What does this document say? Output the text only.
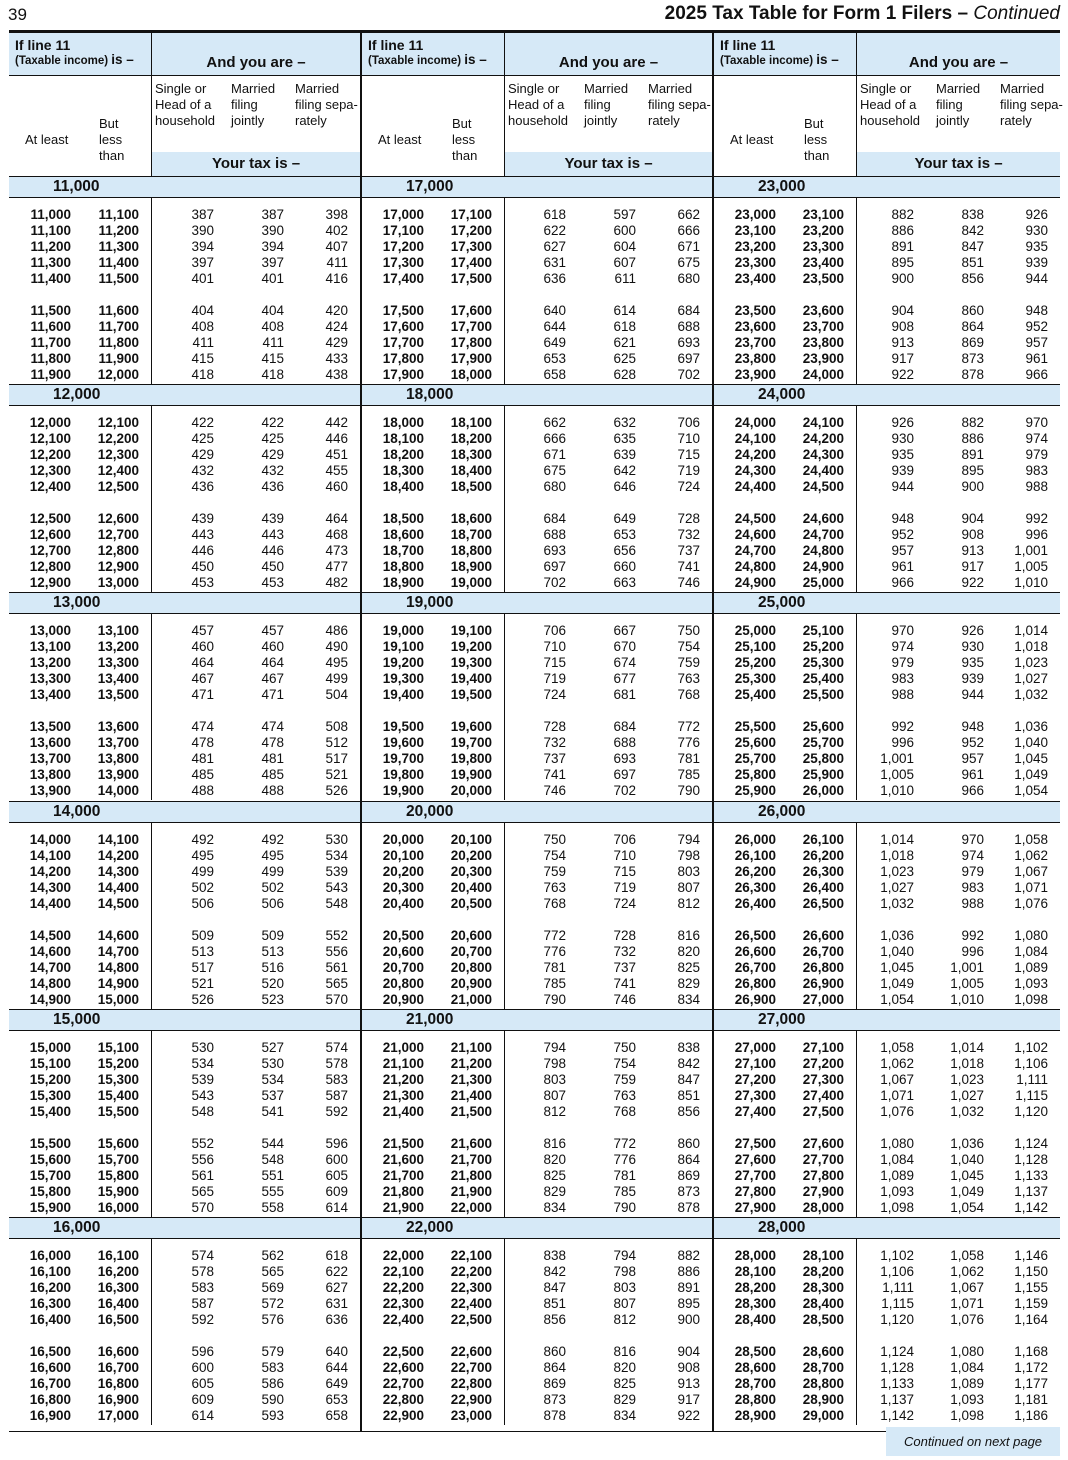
39	2025 Tax Table for Form 1 Filers – Continued
If line 11
(Taxable income) is –	And you are –
At least
But less than
Single or Head of a household
Married filing jointly
Married filing sepa-rately
Your tax is –
11,000
11,000	11,100	387	387	398
11,100	11,200	390	390	402
11,200	11,300	394	394	407
11,300	11,400	397	397	411
11,400	11,500	401	401	416
11,500	11,600	404	404	420
11,600	11,700	408	408	424
11,700	11,800	411	411	429
11,800	11,900	415	415	433
11,900	12,000	418	418	438
12,000
12,000	12,100	422	422	442
12,100	12,200	425	425	446
12,200	12,300	429	429	451
12,300	12,400	432	432	455
12,400	12,500	436	436	460
12,500	12,600	439	439	464
12,600	12,700	443	443	468
12,700	12,800	446	446	473
12,800	12,900	450	450	477
12,900	13,000	453	453	482
13,000
13,000	13,100	457	457	486
13,100	13,200	460	460	490
13,200	13,300	464	464	495
13,300	13,400	467	467	499
13,400	13,500	471	471	504
13,500	13,600	474	474	508
13,600	13,700	478	478	512
13,700	13,800	481	481	517
13,800	13,900	485	485	521
13,900	14,000	488	488	526
14,000
14,000	14,100	492	492	530
14,100	14,200	495	495	534
14,200	14,300	499	499	539
14,300	14,400	502	502	543
14,400	14,500	506	506	548
14,500	14,600	509	509	552
14,600	14,700	513	513	556
14,700	14,800	517	516	561
14,800	14,900	521	520	565
14,900	15,000	526	523	570
15,000
15,000	15,100	530	527	574
15,100	15,200	534	530	578
15,200	15,300	539	534	583
15,300	15,400	543	537	587
15,400	15,500	548	541	592
15,500	15,600	552	544	596
15,600	15,700	556	548	600
15,700	15,800	561	551	605
15,800	15,900	565	555	609
15,900	16,000	570	558	614
16,000
16,000	16,100	574	562	618
16,100	16,200	578	565	622
16,200	16,300	583	569	627
16,300	16,400	587	572	631
16,400	16,500	592	576	636
16,500	16,600	596	579	640
16,600	16,700	600	583	644
16,700	16,800	605	586	649
16,800	16,900	609	590	653
16,900	17,000	614	593	658
If line 11
(Taxable income) is –	And you are –
At least
But less than
Single or Head of a household
Married filing jointly
Married filing sepa-rately
Your tax is –
17,000
17,000	17,100	618	597	662
17,100	17,200	622	600	666
17,200	17,300	627	604	671
17,300	17,400	631	607	675
17,400	17,500	636	611	680
17,500	17,600	640	614	684
17,600	17,700	644	618	688
17,700	17,800	649	621	693
17,800	17,900	653	625	697
17,900	18,000	658	628	702
18,000
18,000	18,100	662	632	706
18,100	18,200	666	635	710
18,200	18,300	671	639	715
18,300	18,400	675	642	719
18,400	18,500	680	646	724
18,500	18,600	684	649	728
18,600	18,700	688	653	732
18,700	18,800	693	656	737
18,800	18,900	697	660	741
18,900	19,000	702	663	746
19,000
19,000	19,100	706	667	750
19,100	19,200	710	670	754
19,200	19,300	715	674	759
19,300	19,400	719	677	763
19,400	19,500	724	681	768
19,500	19,600	728	684	772
19,600	19,700	732	688	776
19,700	19,800	737	693	781
19,800	19,900	741	697	785
19,900	20,000	746	702	790
20,000
20,000	20,100	750	706	794
20,100	20,200	754	710	798
20,200	20,300	759	715	803
20,300	20,400	763	719	807
20,400	20,500	768	724	812
20,500	20,600	772	728	816
20,600	20,700	776	732	820
20,700	20,800	781	737	825
20,800	20,900	785	741	829
20,900	21,000	790	746	834
21,000
21,000	21,100	794	750	838
21,100	21,200	798	754	842
21,200	21,300	803	759	847
21,300	21,400	807	763	851
21,400	21,500	812	768	856
21,500	21,600	816	772	860
21,600	21,700	820	776	864
21,700	21,800	825	781	869
21,800	21,900	829	785	873
21,900	22,000	834	790	878
22,000
22,000	22,100	838	794	882
22,100	22,200	842	798	886
22,200	22,300	847	803	891
22,300	22,400	851	807	895
22,400	22,500	856	812	900
22,500	22,600	860	816	904
22,600	22,700	864	820	908
22,700	22,800	869	825	913
22,800	22,900	873	829	917
22,900	23,000	878	834	922
If line 11
(Taxable income) is –	And you are –
At least
But less than
Single or Head of a household
Married filing jointly
Married filing sepa-rately
Your tax is –
23,000
23,000	23,100	882	838	926
23,100	23,200	886	842	930
23,200	23,300	891	847	935
23,300	23,400	895	851	939
23,400	23,500	900	856	944
23,500	23,600	904	860	948
23,600	23,700	908	864	952
23,700	23,800	913	869	957
23,800	23,900	917	873	961
23,900	24,000	922	878	966
24,000
24,000	24,100	926	882	970
24,100	24,200	930	886	974
24,200	24,300	935	891	979
24,300	24,400	939	895	983
24,400	24,500	944	900	988
24,500	24,600	948	904	992
24,600	24,700	952	908	996
24,700	24,800	957	913 1,001
24,800	24,900	961	917 1,005
24,900	25,000	966	922 1,010
25,000
25,000	25,100	970	926 1,014
25,100	25,200	974	930 1,018
25,200	25,300	979	935 1,023
25,300	25,400	983	939 1,027
25,400	25,500	988	944 1,032
25,500	25,600	992	948 1,036
25,600	25,700	996	952 1,040
25,700	25,800	1,001	957 1,045
25,800	25,900	1,005	961 1,049
25,900	26,000	1,010	966 1,054
26,000
26,000	26,100	1,014	970 1,058
26,100	26,200	1,018	974 1,062
26,200	26,300	1,023	979 1,067
26,300	26,400	1,027	983 1,071
26,400	26,500	1,032	988 1,076
26,500	26,600	1,036	992 1,080
26,600	26,700	1,040	996 1,084
26,700	26,800	1,045	1,001 1,089
26,800	26,900	1,049	1,005 1,093
26,900	27,000	1,054	1,010 1,098
27,000
27,000	27,100	1,058	1,014 1,102
27,100	27,200	1,062	1,018 1,106
27,200	27,300	1,067	1,023 1,111
27,300	27,400	1,071	1,027 1,115
27,400	27,500	1,076	1,032 1,120
27,500	27,600	1,080	1,036 1,124
27,600	27,700	1,084	1,040 1,128
27,700	27,800	1,089	1,045 1,133
27,800	27,900	1,093	1,049 1,137
27,900	28,000	1,098	1,054 1,142
28,000
28,000	28,100	1,102	1,058 1,146
28,100	28,200	1,106	1,062 1,150
28,200	28,300	1,111	1,067 1,155
28,300	28,400	1,115	1,071 1,159
28,400	28,500	1,120	1,076 1,164
28,500	28,600	1,124	1,080 1,168
28,600	28,700	1,128	1,084 1,172
28,700	28,800	1,133	1,089 1,177
28,800	28,900	1,137	1,093 1,181
28,900	29,000	1,142	1,098 1,186
Continued on next page
